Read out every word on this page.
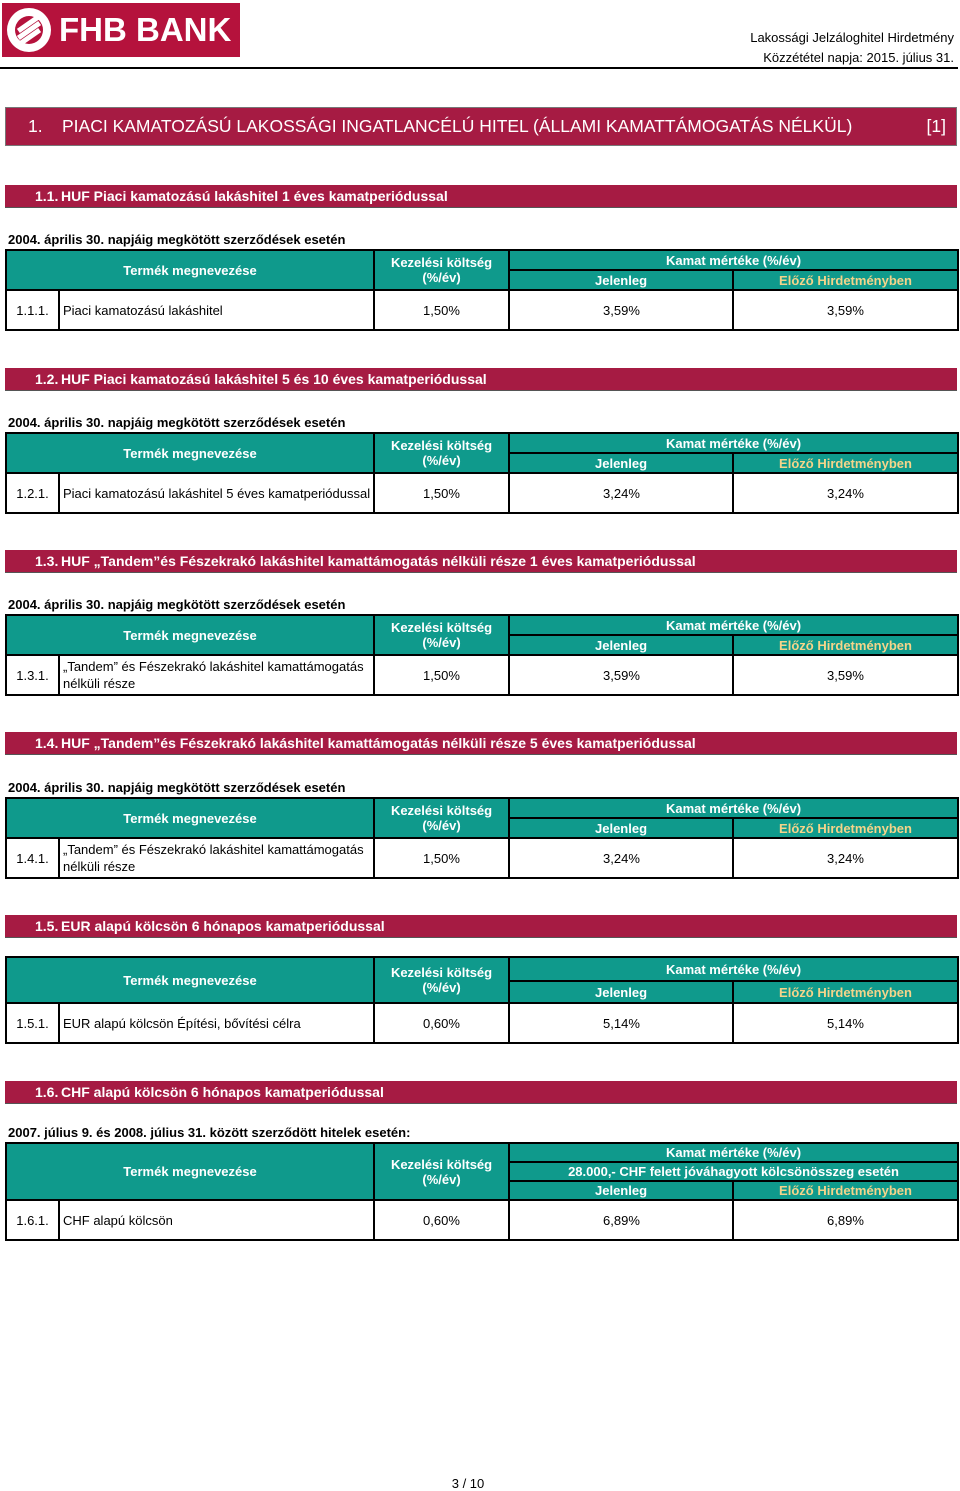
FHB BANK	Lakossági Jelzáloghitel Hirdetmény
Közzététel napja: 2015. július 31.
1.	PIACI KAMATOZÁSÚ LAKOSSÁGI INGATLANCÉLÚ HITEL (ÁLLAMI KAMATTÁMOGATÁS NÉLKÜL)	[1]
1.1. HUF Piaci kamatozású lakáshitel 1 éves kamatperiódussal
2004. április 30. napjáig megkötött szerződések esetén
Termék megnevezése		Kezelési költség
(%/év)	Kamat mértéke (%/év)	
			Jelenleg	Előző Hirdetményben
1.1.1.	Piaci kamatozású lakáshitel	1,50%	3,59%	3,59%
1.2. HUF Piaci kamatozású lakáshitel 5 és 10 éves kamatperiódussal
2004. április 30. napjáig megkötött szerződések esetén
Termék megnevezése		Kezelési költség
(%/év)	Kamat mértéke (%/év)	
			Jelenleg	Előző Hirdetményben
1.2.1.	Piaci kamatozású lakáshitel 5 éves kamatperiódussal	1,50%	3,24%	3,24%
1.3. HUF „Tandem”és Fészekrakó lakáshitel kamattámogatás nélküli része 1 éves kamatperiódussal
2004. április 30. napjáig megkötött szerződések esetén
Termék megnevezése		Kezelési költség
(%/év)	Kamat mértéke (%/év)	
			Jelenleg	Előző Hirdetményben
1.3.1.	„Tandem” és Fészekrakó lakáshitel kamattámogatás nélküli része	1,50%	3,59%	3,59%
1.4. HUF „Tandem”és Fészekrakó lakáshitel kamattámogatás nélküli része 5 éves kamatperiódussal
2004. április 30. napjáig megkötött szerződések esetén
Termék megnevezése		Kezelési költség
(%/év)	Kamat mértéke (%/év)	
			Jelenleg	Előző Hirdetményben
1.4.1.	„Tandem” és Fészekrakó lakáshitel kamattámogatás nélküli része	1,50%	3,24%	3,24%
1.5. EUR alapú kölcsön 6 hónapos kamatperiódussal
Termék megnevezése		Kezelési költség
(%/év)	Kamat mértéke (%/év)	
			Jelenleg	Előző Hirdetményben
1.5.1.	EUR alapú kölcsön Építési, bővítési célra	0,60%	5,14%	5,14%
1.6. CHF alapú kölcsön 6 hónapos kamatperiódussal
2007. július 9. és 2008. július 31. között szerződött hitelek esetén:
Termék megnevezése		Kezelési költség
(%/év)	Kamat mértéke (%/év)	
			28.000,- CHF felett jóváhagyott kölcsönösszeg esetén	
			Jelenleg	Előző Hirdetményben
1.6.1.	CHF alapú kölcsön	0,60%	6,89%	6,89%
3 / 10
